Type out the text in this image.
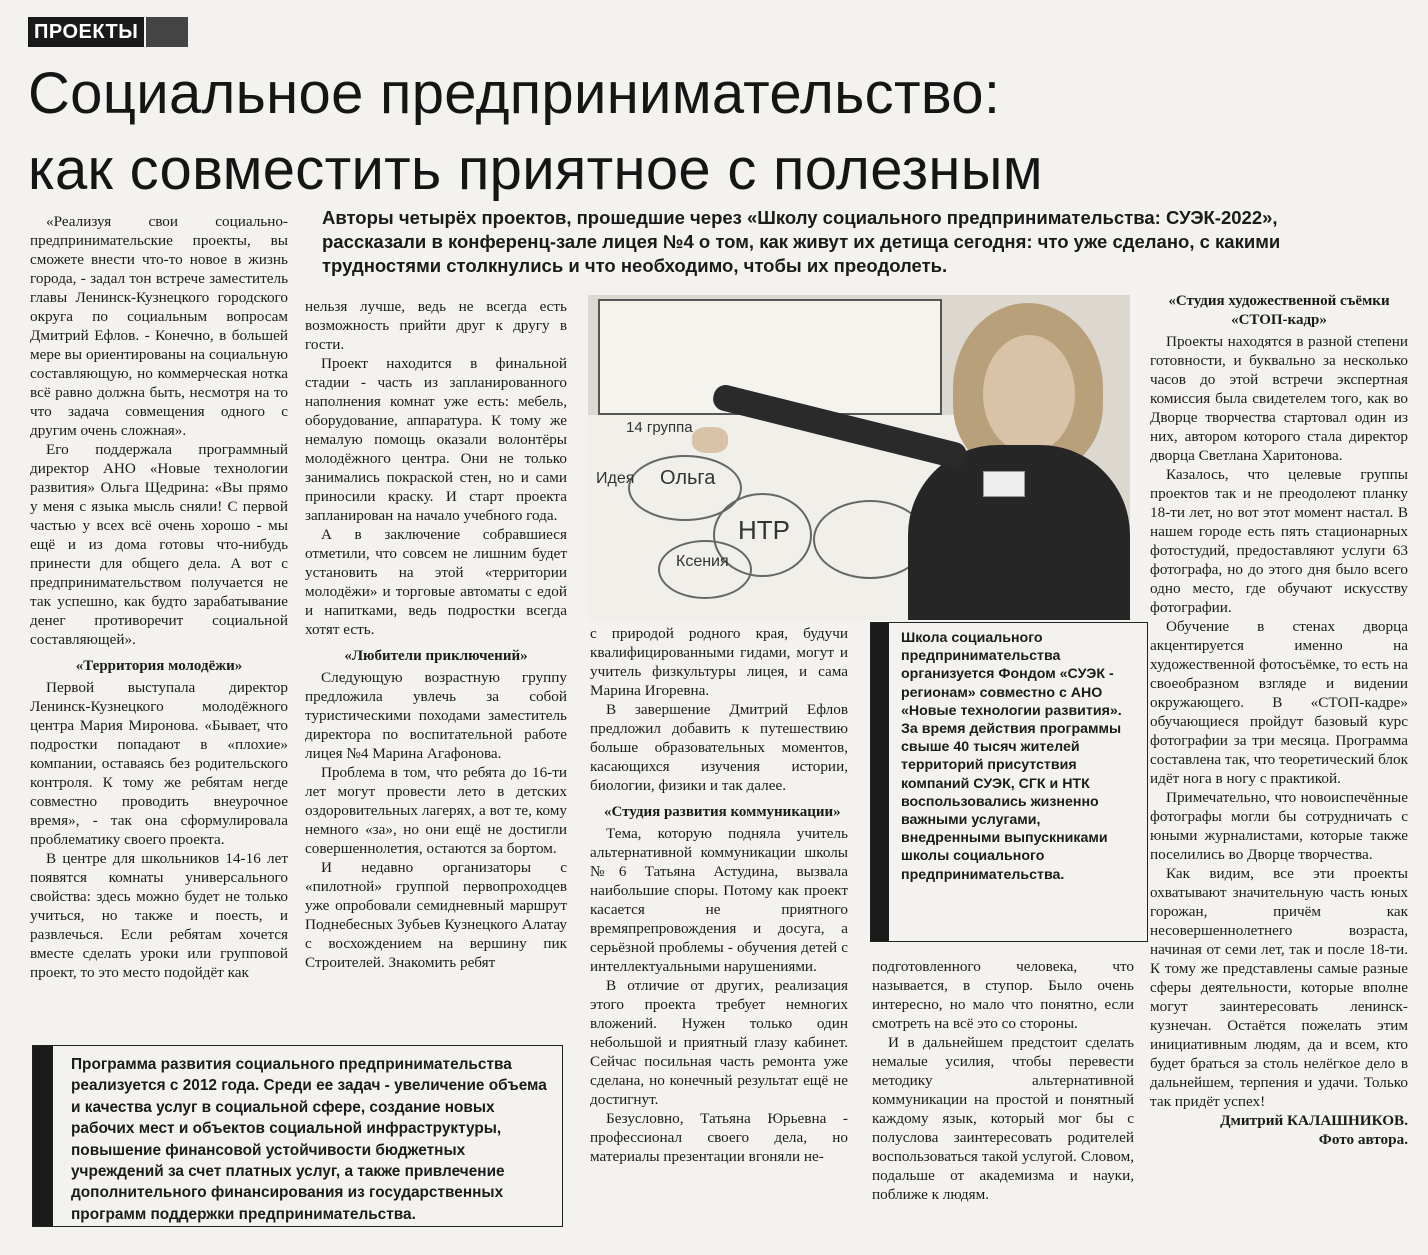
ПРОЕКТЫ
Социальное предпринимательство:
как совместить приятное с полезным
Авторы четырёх проектов, прошедшие через «Школу социального предпринимательства: СУЭК-2022», рассказали в конференц-зале лицея №4 о том, как живут их детища сегодня: что уже сделано, с какими трудностями столкнулись и что необходимо, чтобы их преодолеть.

«Реализуя свои социально-предпринимательские проекты, вы сможете внести что-то новое в жизнь города, - задал тон встрече заместитель главы Ленинск-Кузнецкого городского округа по социальным вопросам Дмитрий Ефлов. - Конечно, в большей мере вы ориентированы на социальную составляющую, но коммерческая нотка всё равно должна быть, несмотря на то что задача совмещения одного с другим очень сложная».

Его поддержала программный директор АНО «Новые технологии развития» Ольга Щедрина: «Вы прямо у меня с языка мысль сняли! С первой частью у всех всё очень хорошо - мы ещё и из дома готовы что-нибудь принести для общего дела. А вот с предпринимательством получается не так успешно, как будто зарабатывание денег противоречит социальной составляющей».

«Территория молодёжи»

Первой выступала директор Ленинск-Кузнецкого молодёжного центра Мария Миронова. «Бывает, что подростки попадают в «плохие» компании, оставаясь без родительского контроля. К тому же ребятам негде совместно проводить внеурочное время», - так она сформулировала проблематику своего проекта.

В центре для школьников 14-16 лет появятся комнаты универсального свойства: здесь можно будет не только учиться, но также и поесть, и развлечься. Если ребятам хочется вместе сделать уроки или групповой проект, то это место подойдёт как

нельзя лучше, ведь не всегда есть возможность прийти друг к другу в гости.

Проект находится в финальной стадии - часть из запланированного наполнения комнат уже есть: мебель, оборудование, аппаратура. К тому же немалую помощь оказали волонтёры молодёжного центра. Они не только занимались покраской стен, но и сами приносили краску. И старт проекта запланирован на начало учебного года.

А в заключение собравшиеся отметили, что совсем не лишним будет установить на этой «территории молодёжи» и торговые автоматы с едой и напитками, ведь подростки всегда хотят есть.

«Любители приключений»

Следующую возрастную группу предложила увлечь за собой туристическими походами заместитель директора по воспитательной работе лицея №4 Марина Агафонова.

Проблема в том, что ребята до 16-ти лет могут провести лето в детских оздоровительных лагерях, а вот те, кому немного «за», но они ещё не достигли совершеннолетия, остаются за бортом.

И недавно организаторы с «пилотной» группой первопроходцев уже опробовали семидневный маршрут Поднебесных Зубьев Кузнецкого Алатау с восхождением на вершину пик Строителей. Знакомить ребят

14 группа
НТР
Ольга
Ксения
Идея

с природой родного края, будучи квалифицированными гидами, могут и учитель физкультуры лицея, и сама Марина Игоревна.

В завершение Дмитрий Ефлов предложил добавить к путешествию больше образовательных моментов, касающихся изучения истории, биологии, физики и так далее.

«Студия развития коммуникации»

Тема, которую подняла учитель альтернативной коммуникации школы №6 Татьяна Астудина, вызвала наибольшие споры. Потому как проект касается не приятного времяпрепровождения и досуга, а серьёзной проблемы - обучения детей с интеллектуальными нарушениями.

В отличие от других, реализация этого проекта требует немногих вложений. Нужен только один небольшой и приятный глазу кабинет. Сейчас посильная часть ремонта уже сделана, но конечный результат ещё не достигнут.

Безусловно, Татьяна Юрьевна - профессионал своего дела, но материалы презентации вгоняли не-

Школа социального предпринимательства организуется Фондом «СУЭК - регионам» совместно с АНО «Новые технологии развития». За время действия программы свыше 40 тысяч жителей территорий присутствия компаний СУЭК, СГК и НТК воспользовались жизненно важными услугами, внедренными выпускниками школы социального предпринимательства.

подготовленного человека, что называется, в ступор. Было очень интересно, но мало что понятно, если смотреть на всё это со стороны.

И в дальнейшем предстоит сделать немалые усилия, чтобы перевести методику альтернативной коммуникации на простой и понятный каждому язык, который мог бы с полуслова заинтересовать родителей воспользоваться такой услугой. Словом, подальше от академизма и науки, поближе к людям.

«Студия художественной съёмки «СТОП-кадр»

Проекты находятся в разной степени готовности, и буквально за несколько часов до этой встречи экспертная комиссия была свидетелем того, как во Дворце творчества стартовал один из них, автором которого стала директор дворца Светлана Харитонова.

Казалось, что целевые группы проектов так и не преодолеют планку 18-ти лет, но вот этот момент настал. В нашем городе есть пять стационарных фотостудий, предоставляют услуги 63 фотографа, но до этого дня было всего одно место, где обучают искусству фотографии.

Обучение в стенах дворца акцентируется именно на художественной фотосъёмке, то есть на своеобразном взгляде и видении окружающего. В «СТОП-кадре» обучающиеся пройдут базовый курс фотографии за три месяца. Программа составлена так, что теоретический блок идёт нога в ногу с практикой.

Примечательно, что новоиспечённые фотографы могли бы сотрудничать с юными журналистами, которые также поселились во Дворце творчества.

Как видим, все эти проекты охватывают значительную часть юных горожан, причём как несовершеннолетнего возраста, начиная от семи лет, так и после 18-ти. К тому же представлены самые разные сферы деятельности, которые вполне могут заинтересовать ленинск-кузнечан. Остаётся пожелать этим инициативным людям, да и всем, кто будет браться за столь нелёгкое дело в дальнейшем, терпения и удачи. Только так придёт успех!

Дмитрий КАЛАШНИКОВ.

Фото автора.

Программа развития социального предпринимательства реализуется с 2012 года. Среди ее задач - увеличение объема и качества услуг в социальной сфере, создание новых рабочих мест и объектов социальной инфраструктуры, повышение финансовой устойчивости бюджетных учреждений за счет платных услуг, а также привлечение дополнительного финансирования из государственных программ поддержки предпринимательства.
